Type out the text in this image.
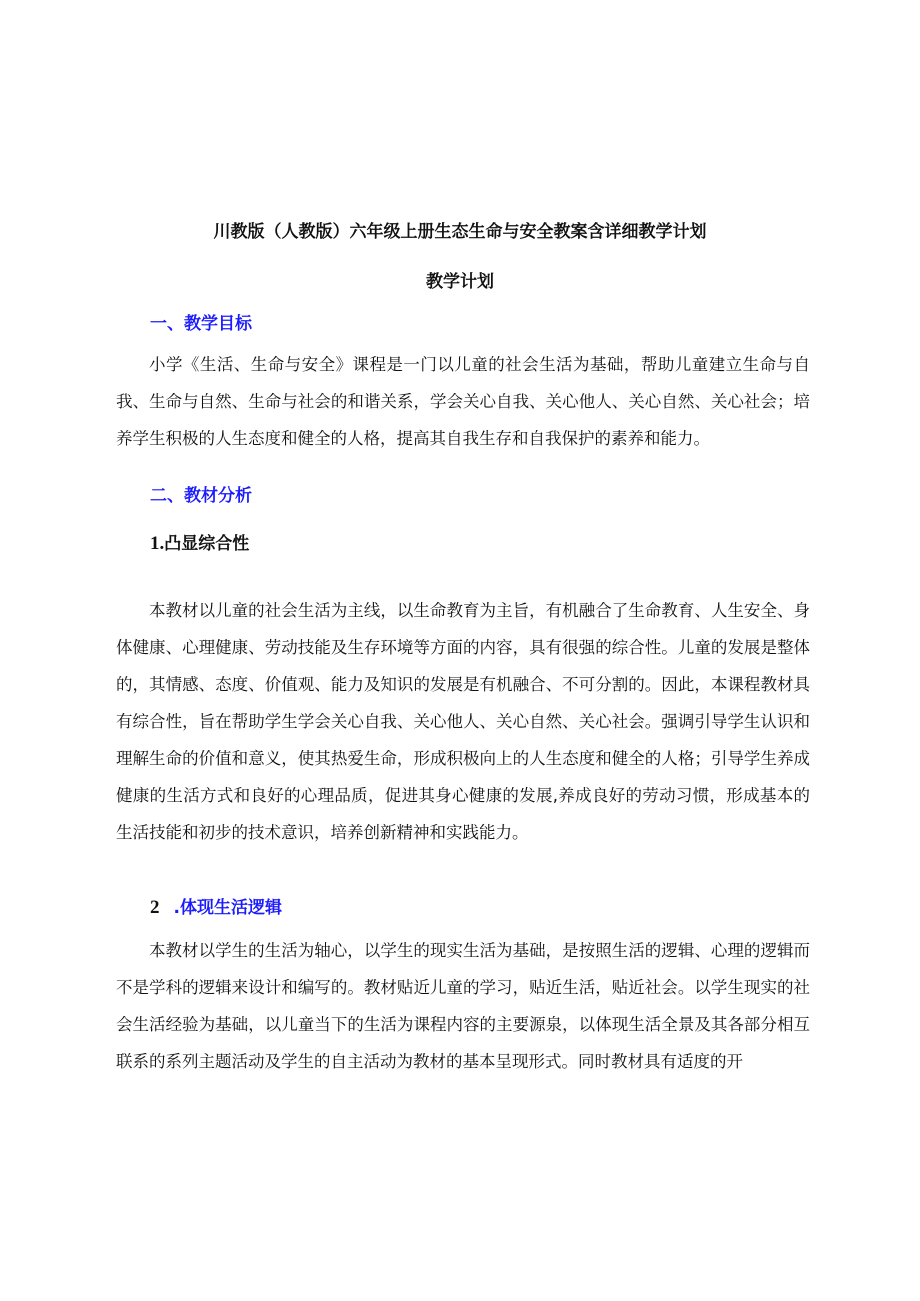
川教版（人教版）六年级上册生态生命与安全教案含详细教学计划
教学计划
一、教学目标

小学《生活、生命与安全》课程是一门以儿童的社会生活为基础，帮助儿童建立生命与自我、生命与自然、生命与社会的和谐关系，学会关心自我、关心他人、关心自然、关心社会；培养学生积极的人生态度和健全的人格，提高其自我生存和自我保护的素养和能力。

二、教材分析
1.凸显综合性

本教材以儿童的社会生活为主线，以生命教育为主旨，有机融合了生命教育、人生安全、身体健康、心理健康、劳动技能及生存环境等方面的内容，具有很强的综合性。儿童的发展是整体的，其情感、态度、价值观、能力及知识的发展是有机融合、不可分割的。因此，本课程教材具有综合性，旨在帮助学生学会关心自我、关心他人、关心自然、关心社会。强调引导学生认识和理解生命的价值和意义，使其热爱生命，形成积极向上的人生态度和健全的人格；引导学生养成健康的生活方式和良好的心理品质，促进其身心健康的发展,养成良好的劳动习惯，形成基本的生活技能和初步的技术意识，培养创新精神和实践能力。

2 .体现生活逻辑

本教材以学生的生活为轴心，以学生的现实生活为基础，是按照生活的逻辑、心理的逻辑而不是学科的逻辑来设计和编写的。教材贴近儿童的学习，贴近生活，贴近社会。以学生现实的社会生活经验为基础，以儿童当下的生活为课程内容的主要源泉，以体现生活全景及其各部分相互联系的系列主题活动及学生的自主活动为教材的基本呈现形式。同时教材具有适度的开
